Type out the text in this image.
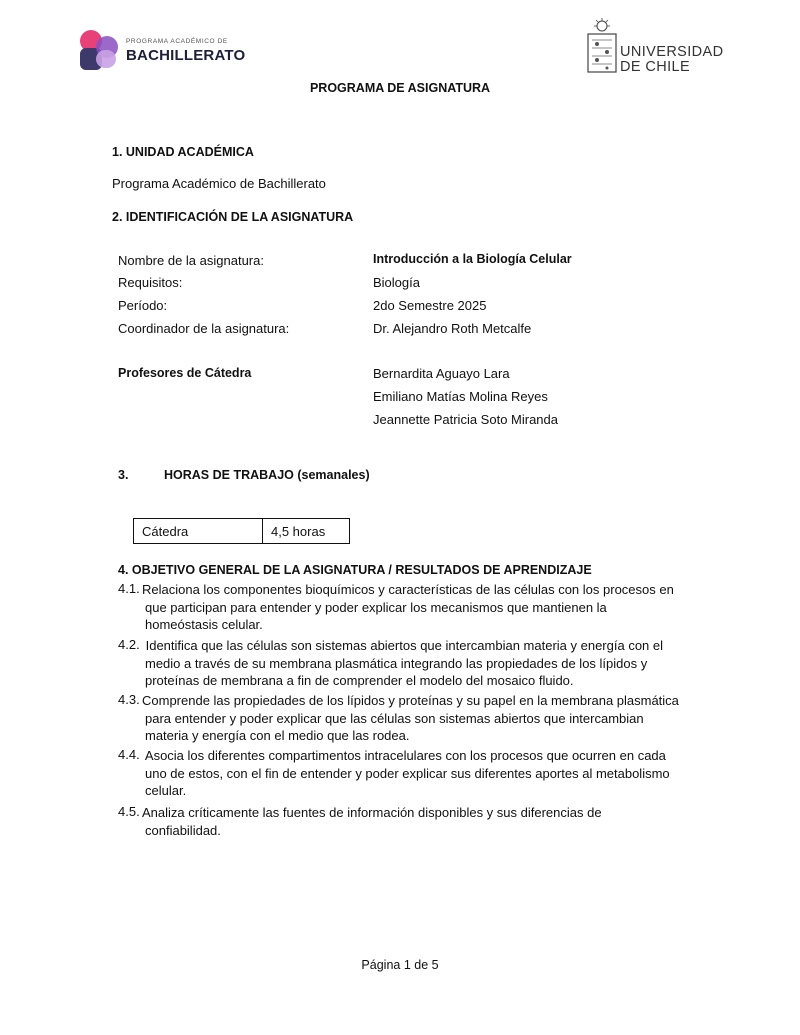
PROGRAMA ACADÉMICO DE
BACHILLERATO	UNIVERSIDAD
DE CHILE
PROGRAMA DE ASIGNATURA
1. UNIDAD ACADÉMICA
Programa Académico de Bachillerato
2. IDENTIFICACIÓN DE LA ASIGNATURA
Nombre de la asignatura:	Introducción a la Biología Celular
Requisitos:	Biología
Período:	2do Semestre 2025
Coordinador de la asignatura:	Dr. Alejandro Roth Metcalfe
Profesores de Cátedra	Bernardita Aguayo Lara
Emiliano Matías Molina Reyes
Jeannette Patricia Soto Miranda
3.	HORAS DE TRABAJO (semanales)
Cátedra	4,5 horas
4. OBJETIVO GENERAL DE LA ASIGNATURA / RESULTADOS DE APRENDIZAJE
4.1. Relaciona los componentes bioquímicos y características de las células con los procesos en
que participan para entender y poder explicar los mecanismos que mantienen la
homeóstasis celular.
4.2. Identifica que las células son sistemas abiertos que intercambian materia y energía con el
medio a través de su membrana plasmática integrando las propiedades de los lípidos y
proteínas de membrana a fin de comprender el modelo del mosaico fluido.
4.3. Comprende las propiedades de los lípidos y proteínas y su papel en la membrana plasmática
para entender y poder explicar que las células son sistemas abiertos que intercambian
materia y energía con el medio que las rodea.
4.4. Asocia los diferentes compartimentos intracelulares con los procesos que ocurren en cada
uno de estos, con el fin de entender y poder explicar sus diferentes aportes al metabolismo
celular.
4.5. Analiza críticamente las fuentes de información disponibles y sus diferencias de
confiabilidad.
Página 1 de 5
